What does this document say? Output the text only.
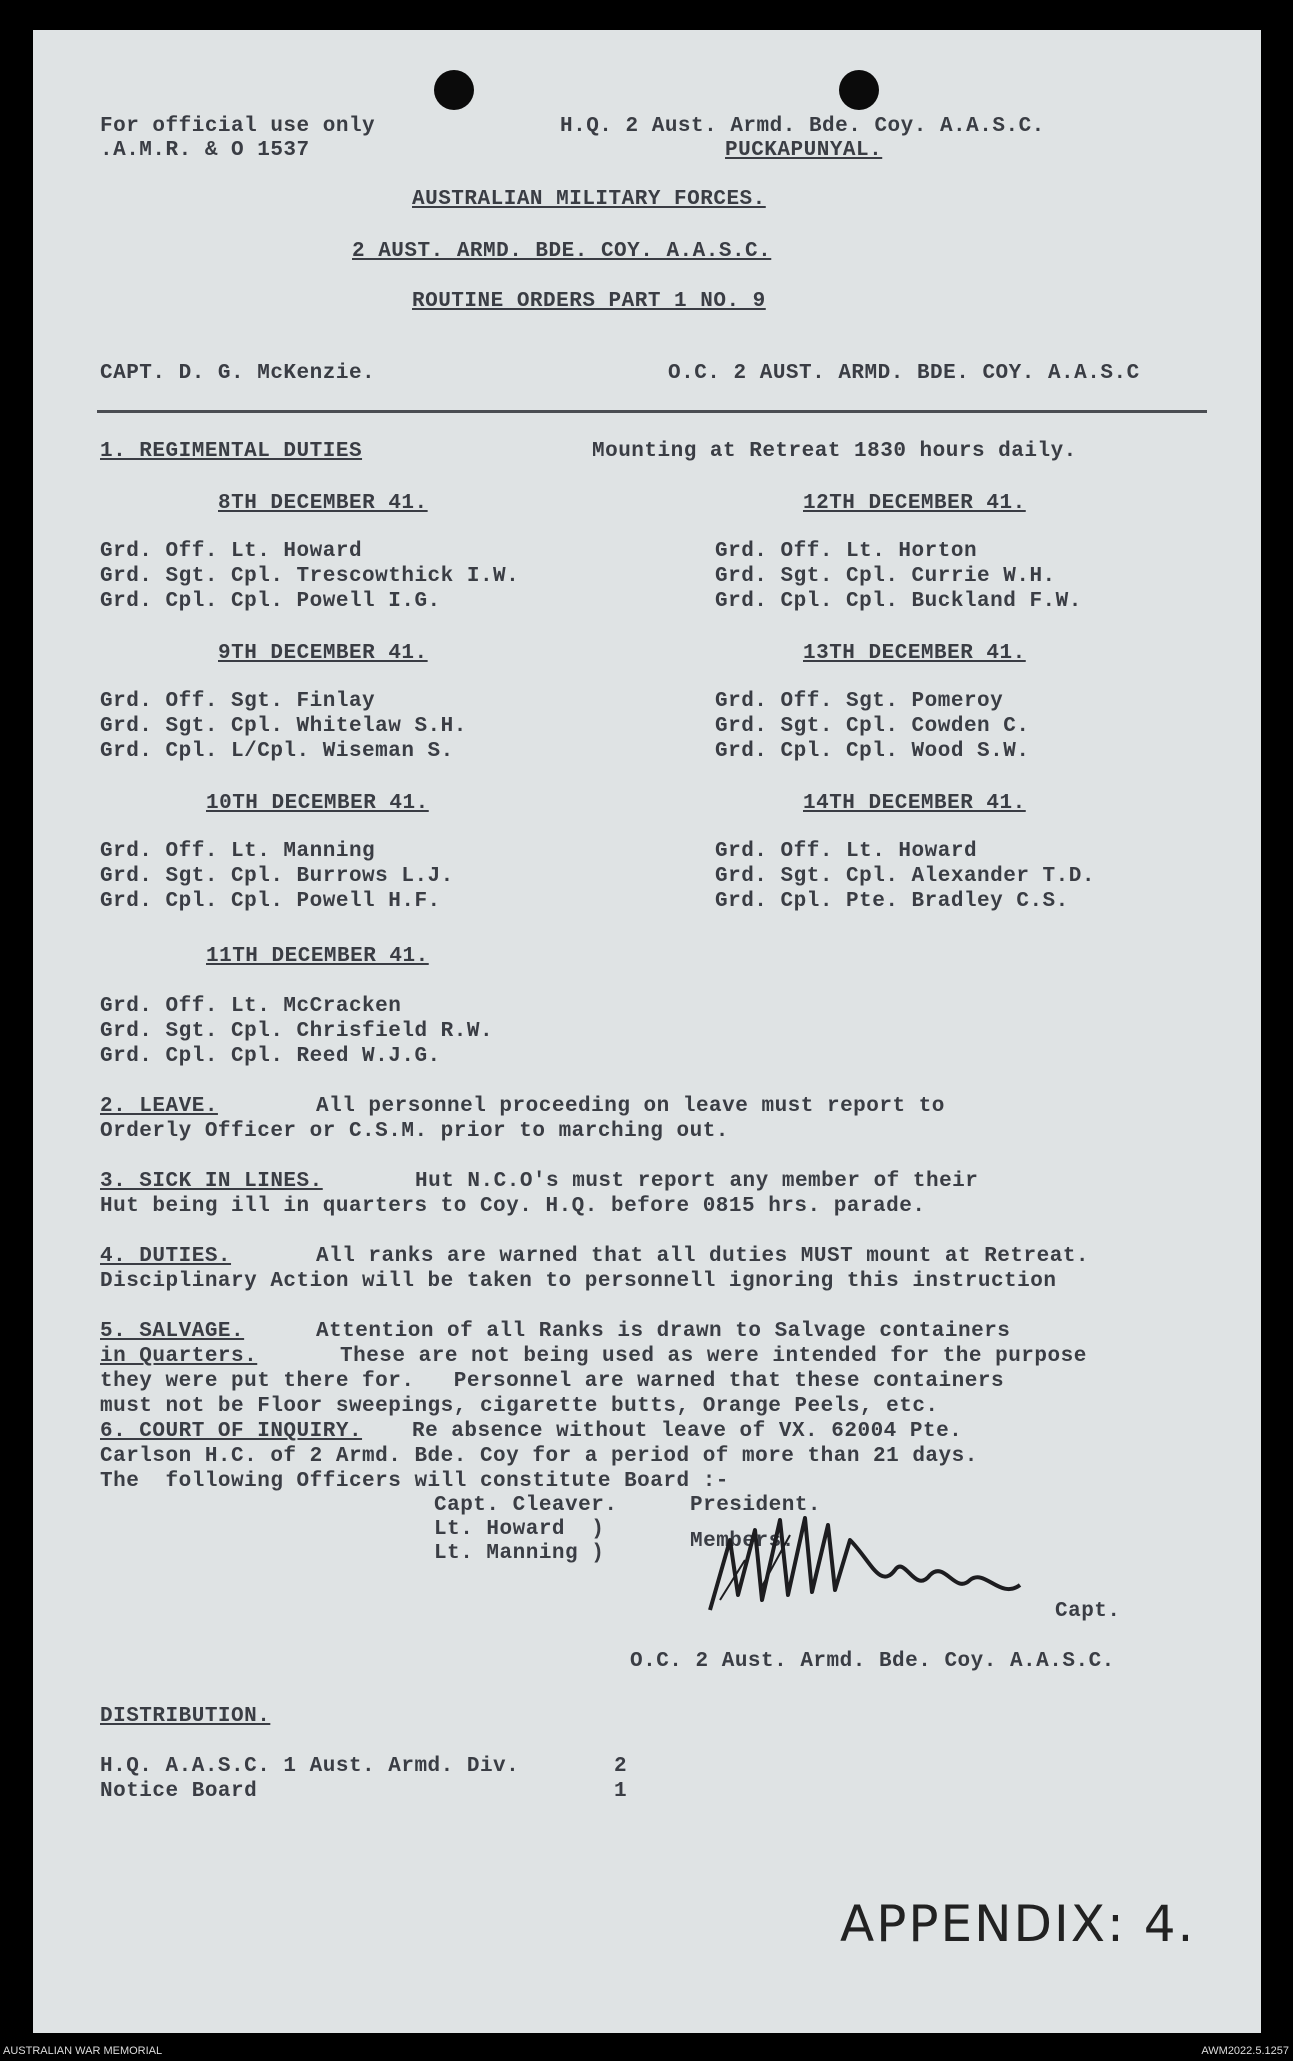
For official use only
.A.M.R. & O 1537
H.Q. 2 Aust. Armd. Bde. Coy. A.A.S.C.
PUCKAPUNYAL.
AUSTRALIAN MILITARY FORCES.
2 AUST. ARMD. BDE. COY. A.A.S.C.
ROUTINE ORDERS PART 1 NO. 9
CAPT. D. G. McKenzie.	O.C. 2 AUST. ARMD. BDE. COY. A.A.S.C
1. REGIMENTAL DUTIES	Mounting at Retreat 1830 hours daily.
8TH DECEMBER 41.
Grd. Off. Lt. Howard
Grd. Sgt. Cpl. Trescowthick I.W.
Grd. Cpl. Cpl. Powell I.G.
9TH DECEMBER 41.
Grd. Off. Sgt. Finlay
Grd. Sgt. Cpl. Whitelaw S.H.
Grd. Cpl. L/Cpl. Wiseman S.
10TH DECEMBER 41.
Grd. Off. Lt. Manning
Grd. Sgt. Cpl. Burrows L.J.
Grd. Cpl. Cpl. Powell H.F.
11TH DECEMBER 41.
Grd. Off. Lt. McCracken
Grd. Sgt. Cpl. Chrisfield R.W.
Grd. Cpl. Cpl. Reed W.J.G.
12TH DECEMBER 41.
Grd. Off. Lt. Horton
Grd. Sgt. Cpl. Currie W.H.
Grd. Cpl. Cpl. Buckland F.W.
13TH DECEMBER 41.
Grd. Off. Sgt. Pomeroy
Grd. Sgt. Cpl. Cowden C.
Grd. Cpl. Cpl. Wood S.W.
14TH DECEMBER 41.
Grd. Off. Lt. Howard
Grd. Sgt. Cpl. Alexander T.D.
Grd. Cpl. Pte. Bradley C.S.
2. LEAVE.	All personnel proceeding on leave must report to
Orderly Officer or C.S.M. prior to marching out.
3. SICK IN LINES.	Hut N.C.O's must report any member of their
Hut being ill in quarters to Coy. H.Q. before 0815 hrs. parade.
4. DUTIES.	All ranks are warned that all duties MUST mount at Retreat.
Disciplinary Action will be taken to personnell ignoring this instruction
5. SALVAGE.	Attention of all Ranks is drawn to Salvage containers
in Quarters.	These are not being used as were intended for the purpose
they were put there for.   Personnel are warned that these containers
must not be Floor sweepings, cigarette butts, Orange Peels, etc.
6. COURT OF INQUIRY. Re absence without leave of VX. 62004 Pte.
Carlson H.C. of 2 Armd. Bde. Coy for a period of more than 21 days.
The  following Officers will constitute Board :-
Capt. Cleaver.	President.
Lt. Howard  )
Lt. Manning )
Members.
Capt.
O.C. 2 Aust. Armd. Bde. Coy. A.A.S.C.
DISTRIBUTION.
H.Q. A.A.S.C. 1 Aust. Armd. Div.	2
Notice Board	1
APPENDIX: 4.
AUSTRALIAN WAR MEMORIAL	AWM2022.5.1257
